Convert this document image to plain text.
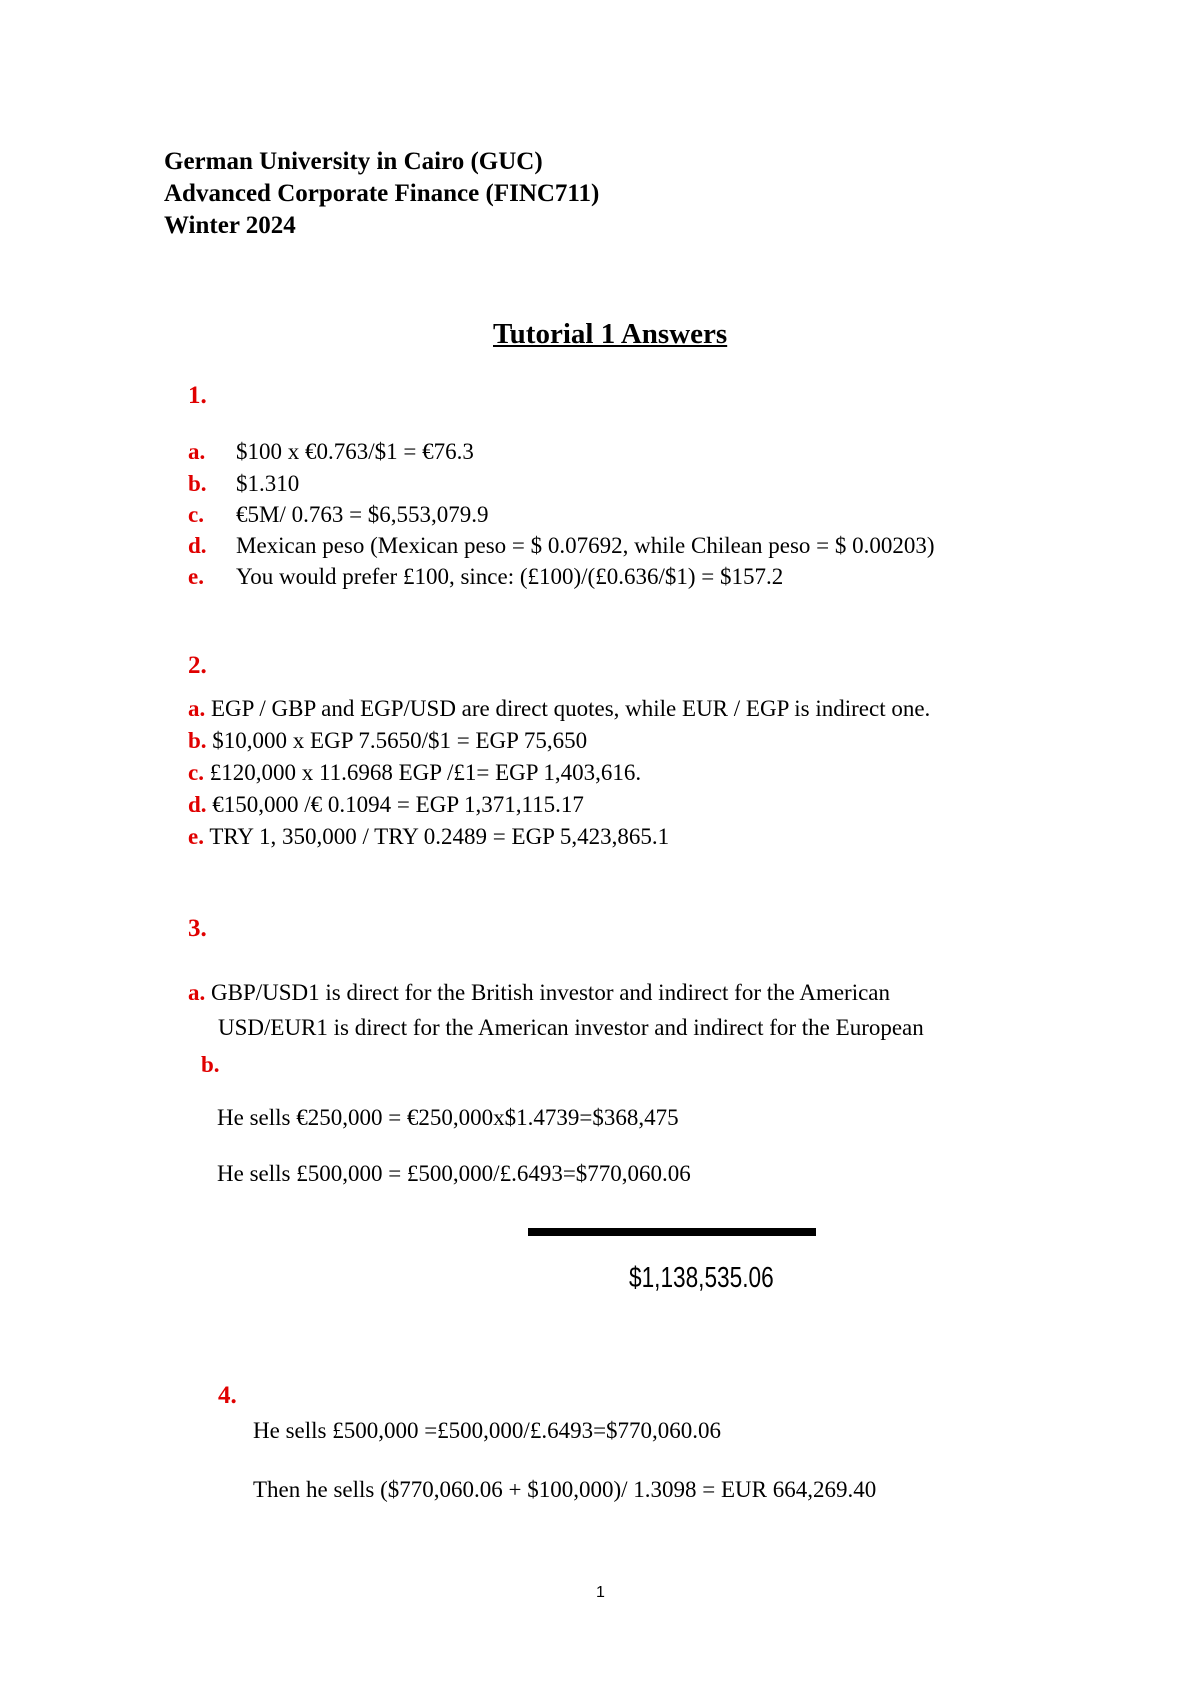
German University in Cairo (GUC)
Advanced Corporate Finance (FINC711)
Winter 2024
Tutorial 1 Answers
1.
a. $100 x €0.763/$1 = €76.3
b. $1.310
c. €5M/ 0.763 = $6,553,079.9
d. Mexican peso (Mexican peso = $ 0.07692, while Chilean peso = $ 0.00203)
e. You would prefer £100, since: (£100)/(£0.636/$1) = $157.2
2.
a. EGP / GBP and EGP/USD are direct quotes, while EUR / EGP is indirect one.
b. $10,000 x EGP 7.5650/$1 = EGP 75,650
c. £120,000 x 11.6968 EGP /£1= EGP 1,403,616.
d. €150,000 /€ 0.1094 = EGP 1,371,115.17
e. TRY 1, 350,000 / TRY 0.2489 = EGP 5,423,865.1
3.
a. GBP/USD1 is direct for the British investor and indirect for the American
USD/EUR1 is direct for the American investor and indirect for the European
b.
He sells €250,000 = €250,000x$1.4739=$368,475
He sells £500,000 = £500,000/£.6493=$770,060.06
$1,138,535.06
4.
He sells £500,000 =£500,000/£.6493=$770,060.06
Then he sells ($770,060.06 + $100,000)/ 1.3098 = EUR 664,269.40
1
